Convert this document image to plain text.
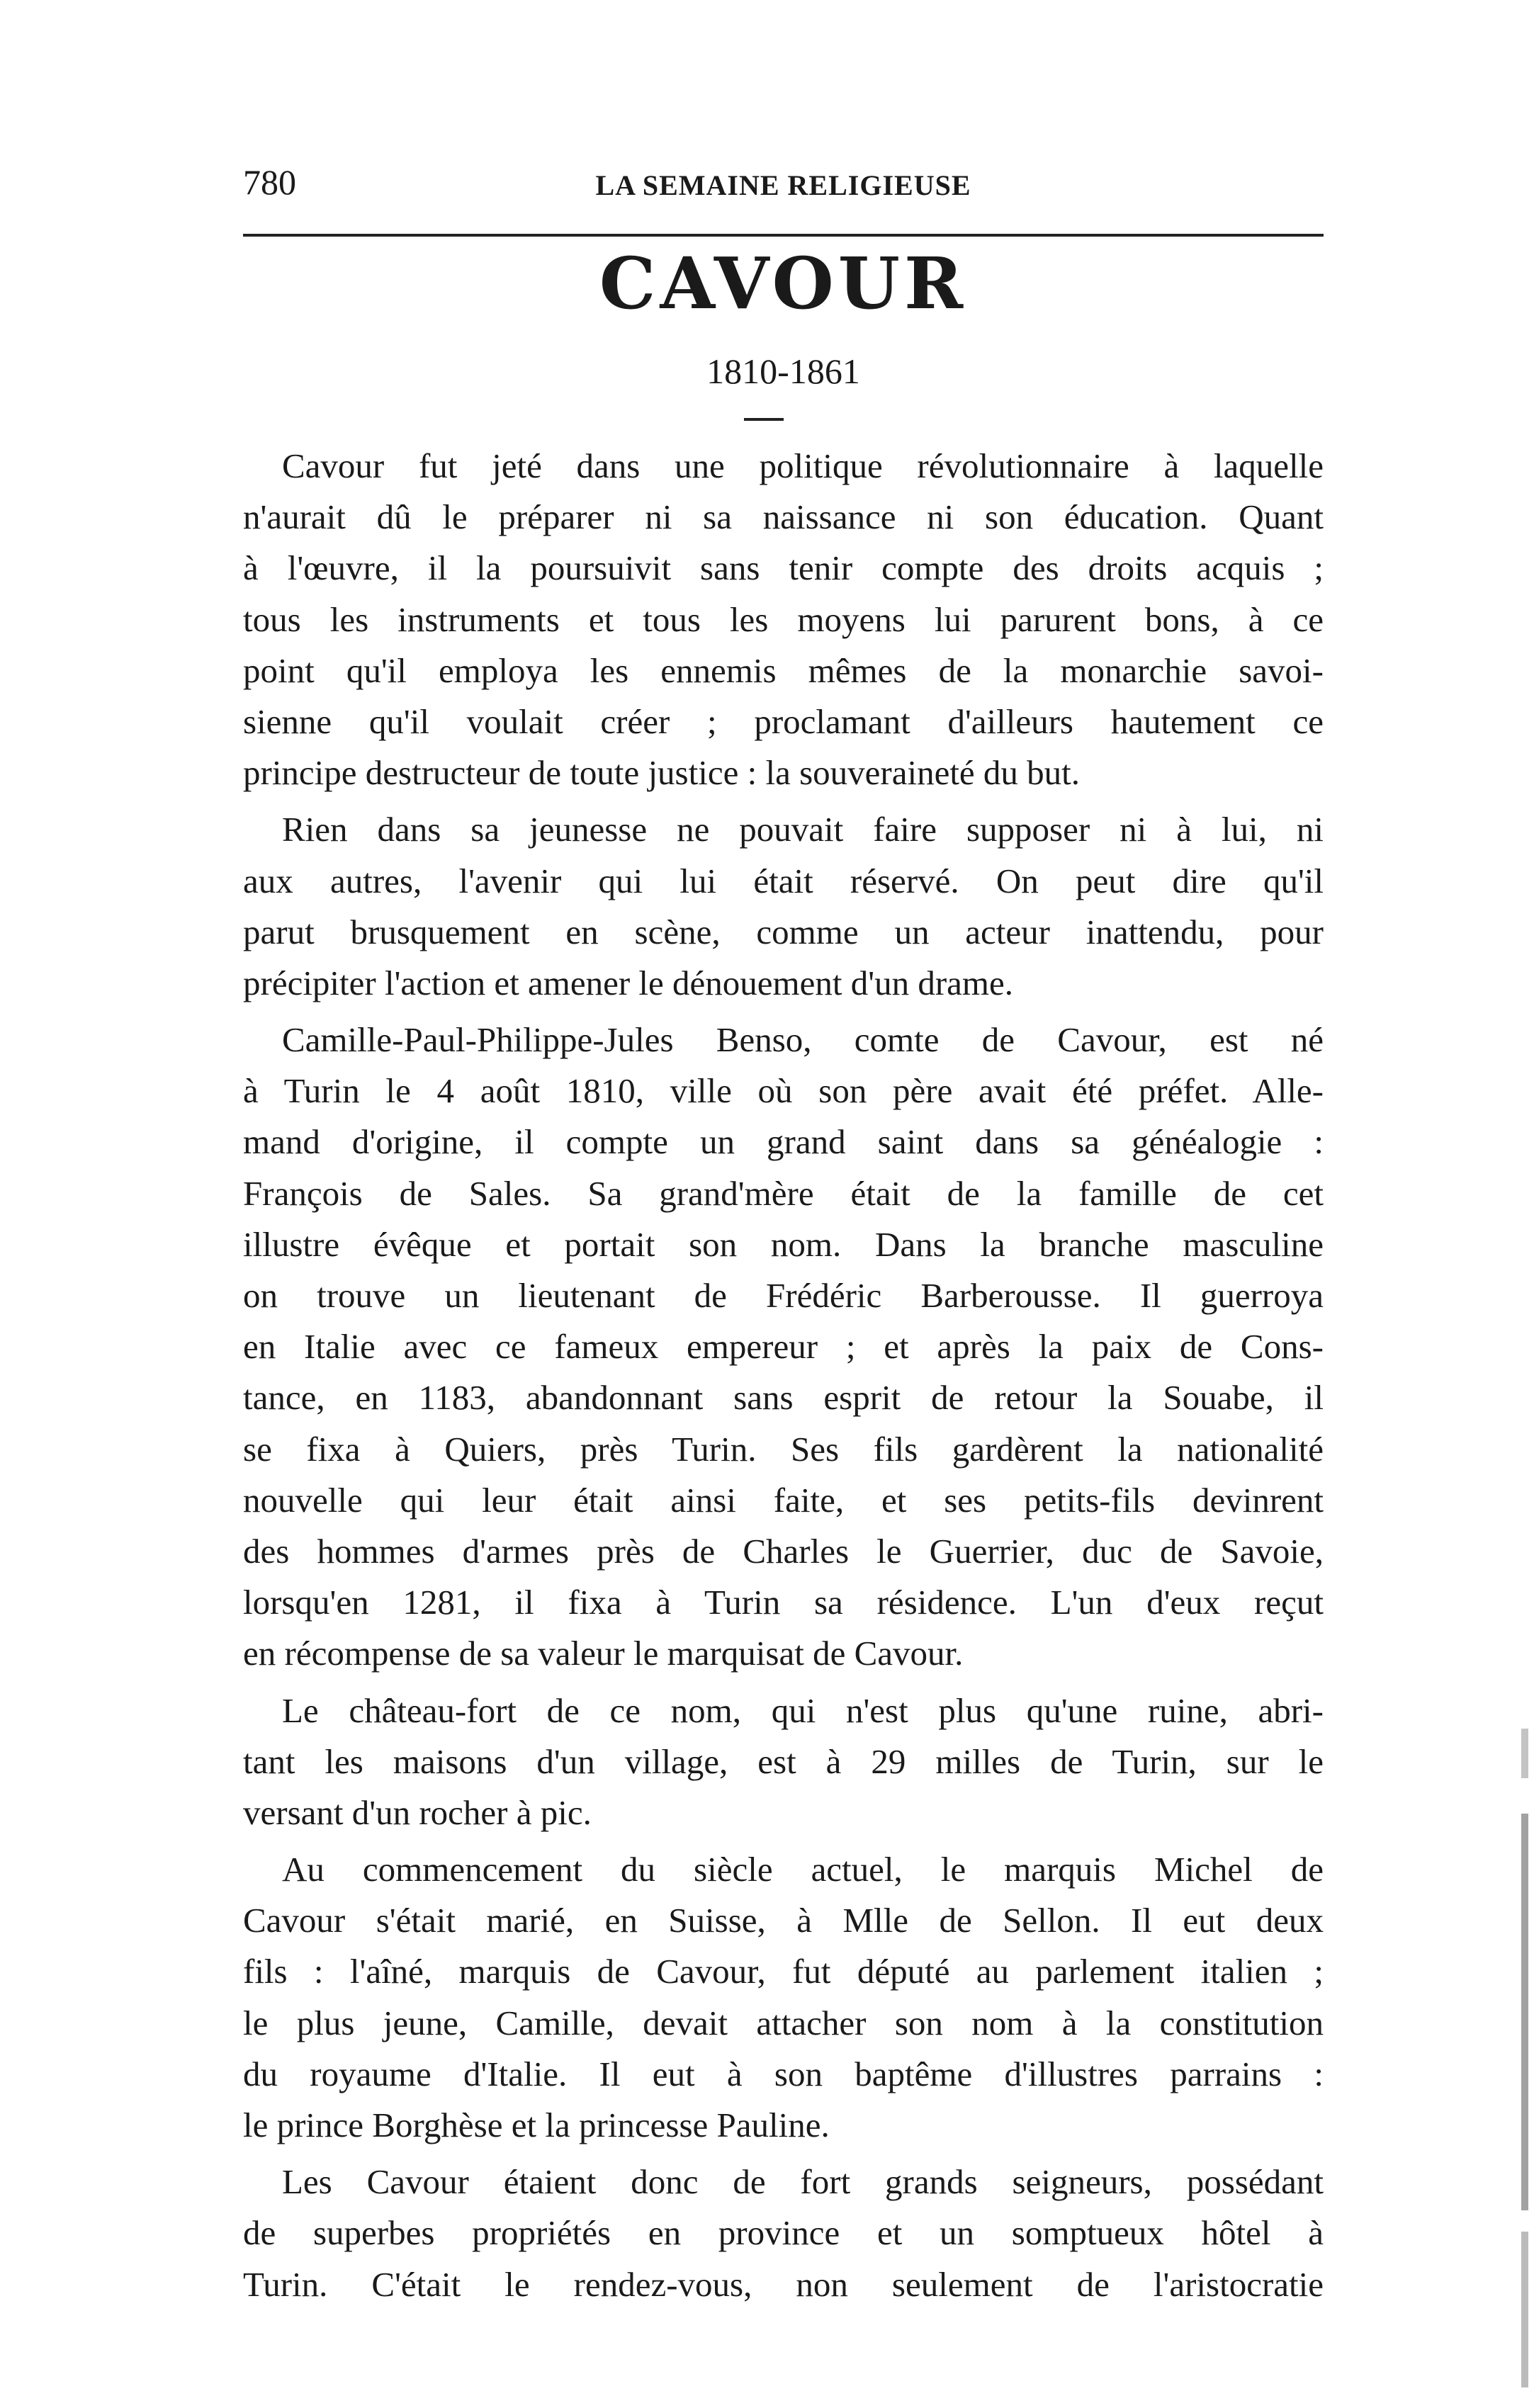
780	LA SEMAINE RELIGIEUSE
CAVOUR
1810-1861
Cavour fut jeté dans une politique révolutionnaire à laquelle
n'aurait dû le préparer ni sa naissance ni son éducation. Quant
à l'œuvre, il la poursuivit sans tenir compte des droits acquis ;
tous les instruments et tous les moyens lui parurent bons, à ce
point qu'il employa les ennemis mêmes de la monarchie savoi-
sienne qu'il voulait créer ; proclamant d'ailleurs hautement ce
principe destructeur de toute justice : la souveraineté du but.
Rien dans sa jeunesse ne pouvait faire supposer ni à lui, ni
aux autres, l'avenir qui lui était réservé. On peut dire qu'il
parut brusquement en scène, comme un acteur inattendu, pour
précipiter l'action et amener le dénouement d'un drame.
Camille-Paul-Philippe-Jules Benso, comte de Cavour, est né
à Turin le 4 août 1810, ville où son père avait été préfet. Alle-
mand d'origine, il compte un grand saint dans sa généalogie :
François de Sales. Sa grand'mère était de la famille de cet
illustre évêque et portait son nom. Dans la branche masculine
on trouve un lieutenant de Frédéric Barberousse. Il guerroya
en Italie avec ce fameux empereur ; et après la paix de Cons-
tance, en 1183, abandonnant sans esprit de retour la Souabe, il
se fixa à Quiers, près Turin. Ses fils gardèrent la nationalité
nouvelle qui leur était ainsi faite, et ses petits-fils devinrent
des hommes d'armes près de Charles le Guerrier, duc de Savoie,
lorsqu'en 1281, il fixa à Turin sa résidence. L'un d'eux reçut
en récompense de sa valeur le marquisat de Cavour.
Le château-fort de ce nom, qui n'est plus qu'une ruine, abri-
tant les maisons d'un village, est à 29 milles de Turin, sur le
versant d'un rocher à pic.
Au commencement du siècle actuel, le marquis Michel de
Cavour s'était marié, en Suisse, à Mlle de Sellon. Il eut deux
fils : l'aîné, marquis de Cavour, fut député au parlement italien ;
le plus jeune, Camille, devait attacher son nom à la constitution
du royaume d'Italie. Il eut à son baptême d'illustres parrains :
le prince Borghèse et la princesse Pauline.
Les Cavour étaient donc de fort grands seigneurs, possédant
de superbes propriétés en province et un somptueux hôtel à
Turin. C'était le rendez-vous, non seulement de l'aristocratie
